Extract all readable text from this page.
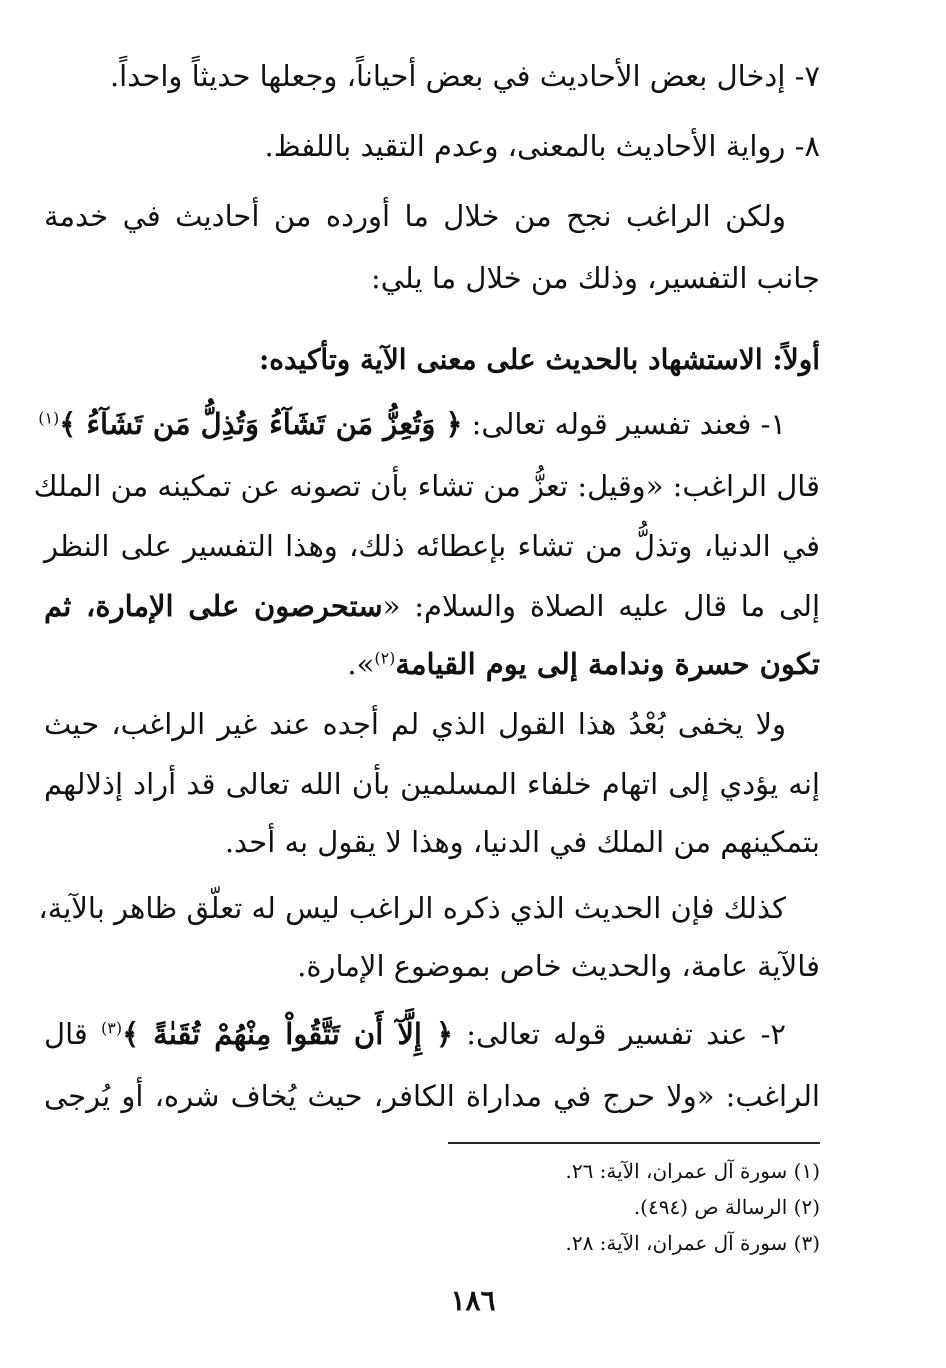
٧- إدخال بعض الأحاديث في بعض أحياناً، وجعلها حديثاً واحداً.
٨- رواية الأحاديث بالمعنى، وعدم التقيد باللفظ.
ولكن الراغب نجح من خلال ما أورده من أحاديث في خدمة
جانب التفسير، وذلك من خلال ما يلي:
أولاً: الاستشهاد بالحديث على معنى الآية وتأكيده:
١- فعند تفسير قوله تعالى: ﴿ وَتُعِزُّ مَن تَشَآءُ وَتُذِلُّ مَن تَشَآءُ ﴾$^{(١)}$
قال الراغب: «وقيل: تعزُّ من تشاء بأن تصونه عن تمكينه من الملك
في الدنيا، وتذلُّ من تشاء بإعطائه ذلك، وهذا التفسير على النظر
إلى ما قال عليه الصلاة والسلام: «ستحرصون على الإمارة، ثم
تكون حسرة وندامة إلى يوم القيامة$^{(٢)}$».
ولا يخفى بُعْدُ هذا القول الذي لم أجده عند غير الراغب، حيث
إنه يؤدي إلى اتهام خلفاء المسلمين بأن الله تعالى قد أراد إذلالهم
بتمكينهم من الملك في الدنيا، وهذا لا يقول به أحد.
كذلك فإن الحديث الذي ذكره الراغب ليس له تعلّق ظاهر بالآية،
فالآية عامة، والحديث خاص بموضوع الإمارة.
٢- عند تفسير قوله تعالى: ﴿ إِلَّآ أَن تَتَّقُواْ مِنْهُمْ تُقَىٰةً ﴾$^{(٣)}$ قال
الراغب: «ولا حرج في مداراة الكافر، حيث يُخاف شره، أو يُرجى
(١) سورة آل عمران، الآية: ٢٦.
(٢) الرسالة ص (٤٩٤).
(٣) سورة آل عمران، الآية: ٢٨.
١٨٦
